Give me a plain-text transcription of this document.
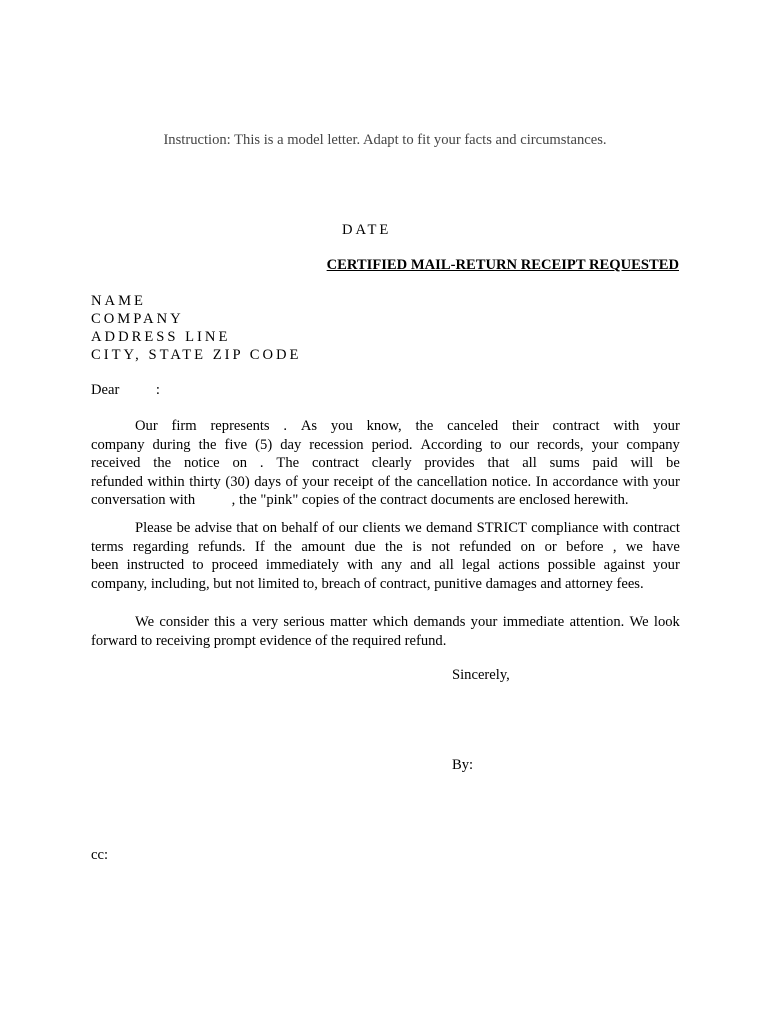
Instruction: This is a model letter. Adapt to fit your facts and circumstances.
DATE
CERTIFIED MAIL-RETURN RECEIPT REQUESTED
NAME
COMPANY
ADDRESS LINE
CITY, STATE ZIP CODE
Dear          :
Our firm represents . As you know, the canceled their contract with your
company during the five (5) day recession period. According to our records, your company
received the notice on . The contract clearly provides that all sums paid will be
refunded within thirty (30) days of your receipt of the cancellation notice. In accordance with your
conversation with          , the "pink" copies of the contract documents are enclosed herewith.
Please be advise that on behalf of our clients we demand STRICT compliance with contract
terms regarding refunds. If the amount due the is not refunded on or before , we have
been instructed to proceed immediately with any and all legal actions possible against your
company, including, but not limited to, breach of contract, punitive damages and attorney fees.
We consider this a very serious matter which demands your immediate attention. We look
forward to receiving prompt evidence of the required refund.
Sincerely,
By:
cc:
